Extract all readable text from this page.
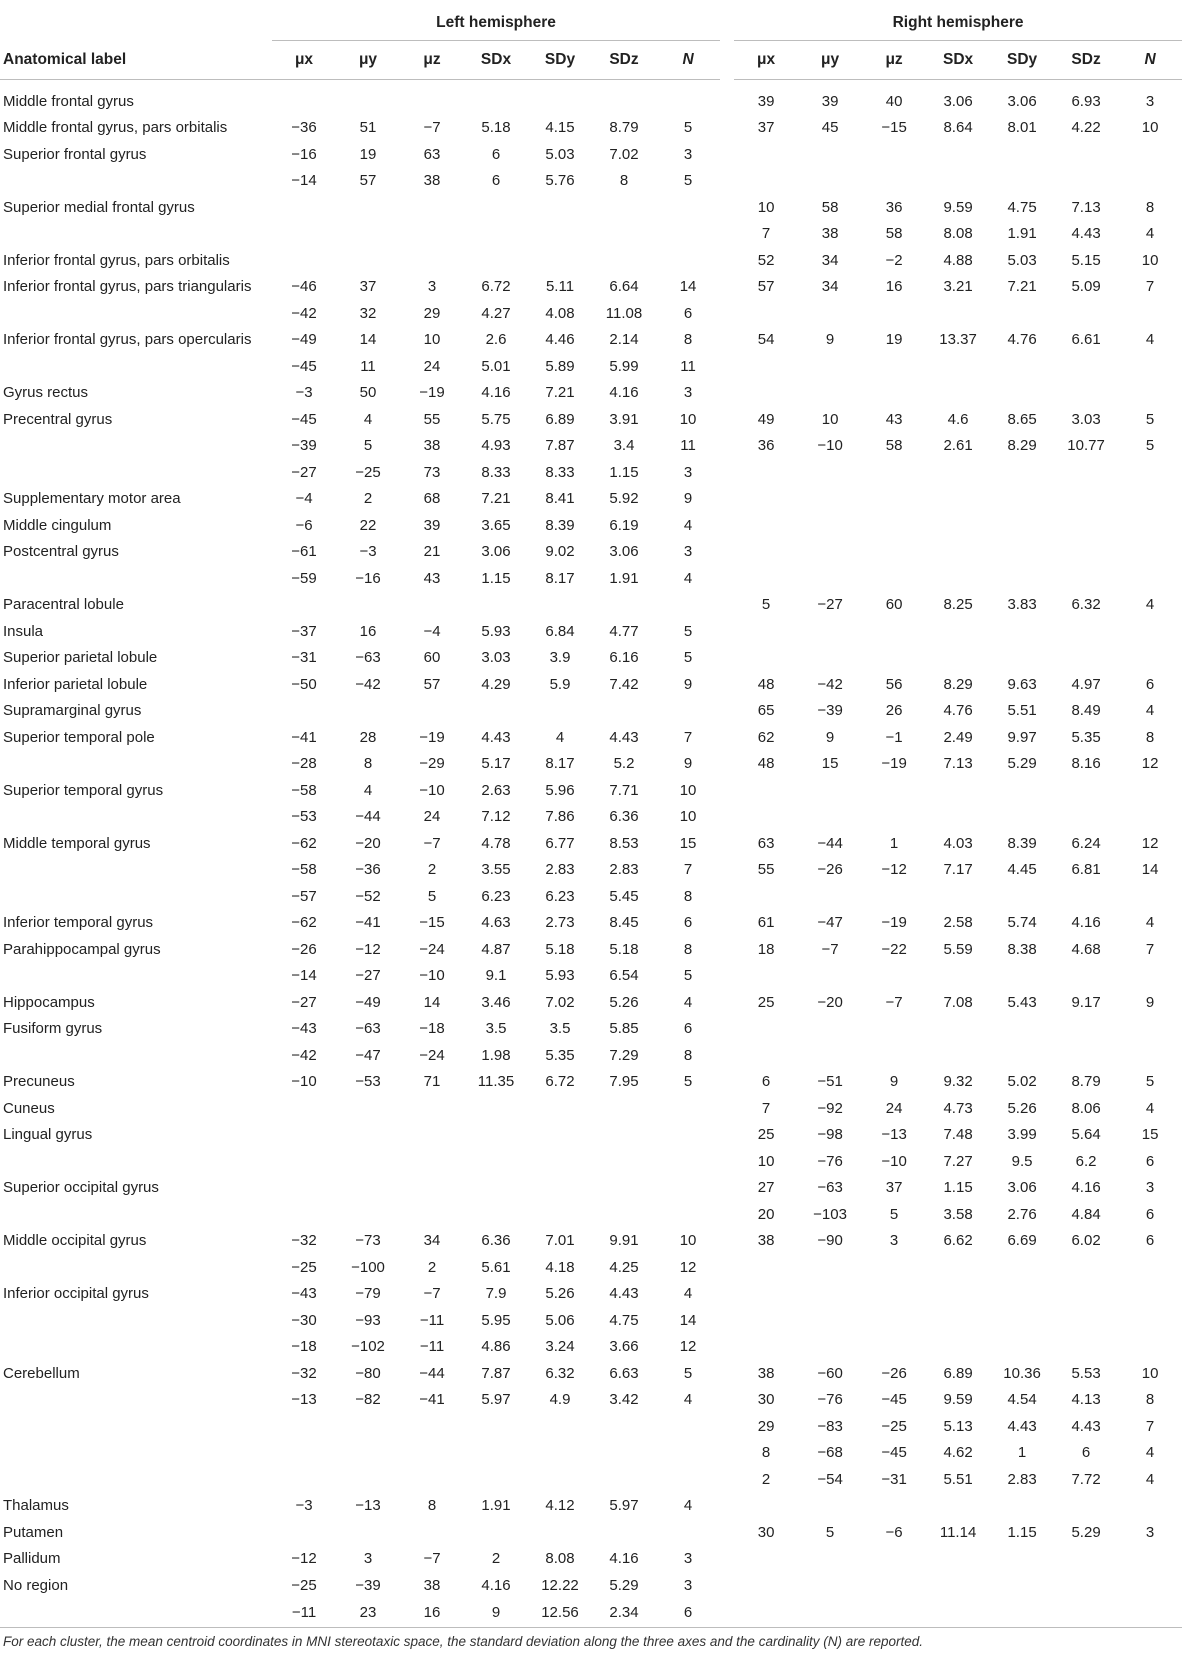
	Left hemisphere								Right hemisphere						
Anatomical label	μx	μy	μz	SDx	SDy	SDz	N		μx	μy	μz	SDx	SDy	SDz	N
Middle frontal gyrus									39	39	40	3.06	3.06	6.93	3
Middle frontal gyrus, pars orbitalis	−36	51	−7	5.18	4.15	8.79	5		37	45	−15	8.64	8.01	4.22	10
Superior frontal gyrus	−16	19	63	6	5.03	7.02	3								
	−14	57	38	6	5.76	8	5								
Superior medial frontal gyrus									10	58	36	9.59	4.75	7.13	8
									7	38	58	8.08	1.91	4.43	4
Inferior frontal gyrus, pars orbitalis									52	34	−2	4.88	5.03	5.15	10
Inferior frontal gyrus, pars triangularis	−46	37	3	6.72	5.11	6.64	14		57	34	16	3.21	7.21	5.09	7
	−42	32	29	4.27	4.08	11.08	6								
Inferior frontal gyrus, pars opercularis	−49	14	10	2.6	4.46	2.14	8		54	9	19	13.37	4.76	6.61	4
	−45	11	24	5.01	5.89	5.99	11								
Gyrus rectus	−3	50	−19	4.16	7.21	4.16	3								
Precentral gyrus	−45	4	55	5.75	6.89	3.91	10		49	10	43	4.6	8.65	3.03	5
	−39	5	38	4.93	7.87	3.4	11		36	−10	58	2.61	8.29	10.77	5
	−27	−25	73	8.33	8.33	1.15	3								
Supplementary motor area	−4	2	68	7.21	8.41	5.92	9								
Middle cingulum	−6	22	39	3.65	8.39	6.19	4								
Postcentral gyrus	−61	−3	21	3.06	9.02	3.06	3								
	−59	−16	43	1.15	8.17	1.91	4								
Paracentral lobule									5	−27	60	8.25	3.83	6.32	4
Insula	−37	16	−4	5.93	6.84	4.77	5								
Superior parietal lobule	−31	−63	60	3.03	3.9	6.16	5								
Inferior parietal lobule	−50	−42	57	4.29	5.9	7.42	9		48	−42	56	8.29	9.63	4.97	6
Supramarginal gyrus									65	−39	26	4.76	5.51	8.49	4
Superior temporal pole	−41	28	−19	4.43	4	4.43	7		62	9	−1	2.49	9.97	5.35	8
	−28	8	−29	5.17	8.17	5.2	9		48	15	−19	7.13	5.29	8.16	12
Superior temporal gyrus	−58	4	−10	2.63	5.96	7.71	10								
	−53	−44	24	7.12	7.86	6.36	10								
Middle temporal gyrus	−62	−20	−7	4.78	6.77	8.53	15		63	−44	1	4.03	8.39	6.24	12
	−58	−36	2	3.55	2.83	2.83	7		55	−26	−12	7.17	4.45	6.81	14
	−57	−52	5	6.23	6.23	5.45	8								
Inferior temporal gyrus	−62	−41	−15	4.63	2.73	8.45	6		61	−47	−19	2.58	5.74	4.16	4
Parahippocampal gyrus	−26	−12	−24	4.87	5.18	5.18	8		18	−7	−22	5.59	8.38	4.68	7
	−14	−27	−10	9.1	5.93	6.54	5								
Hippocampus	−27	−49	14	3.46	7.02	5.26	4		25	−20	−7	7.08	5.43	9.17	9
Fusiform gyrus	−43	−63	−18	3.5	3.5	5.85	6								
	−42	−47	−24	1.98	5.35	7.29	8								
Precuneus	−10	−53	71	11.35	6.72	7.95	5		6	−51	9	9.32	5.02	8.79	5
Cuneus									7	−92	24	4.73	5.26	8.06	4
Lingual gyrus									25	−98	−13	7.48	3.99	5.64	15
									10	−76	−10	7.27	9.5	6.2	6
Superior occipital gyrus									27	−63	37	1.15	3.06	4.16	3
									20	−103	5	3.58	2.76	4.84	6
Middle occipital gyrus	−32	−73	34	6.36	7.01	9.91	10		38	−90	3	6.62	6.69	6.02	6
	−25	−100	2	5.61	4.18	4.25	12								
Inferior occipital gyrus	−43	−79	−7	7.9	5.26	4.43	4								
	−30	−93	−11	5.95	5.06	4.75	14								
	−18	−102	−11	4.86	3.24	3.66	12								
Cerebellum	−32	−80	−44	7.87	6.32	6.63	5		38	−60	−26	6.89	10.36	5.53	10
	−13	−82	−41	5.97	4.9	3.42	4		30	−76	−45	9.59	4.54	4.13	8
									29	−83	−25	5.13	4.43	4.43	7
									8	−68	−45	4.62	1	6	4
									2	−54	−31	5.51	2.83	7.72	4
Thalamus	−3	−13	8	1.91	4.12	5.97	4								
Putamen									30	5	−6	11.14	1.15	5.29	3
Pallidum	−12	3	−7	2	8.08	4.16	3								
No region	−25	−39	38	4.16	12.22	5.29	3								
	−11	23	16	9	12.56	2.34	6								
For each cluster, the mean centroid coordinates in MNI stereotaxic space, the standard deviation along the three axes and the cardinality (N) are reported.
